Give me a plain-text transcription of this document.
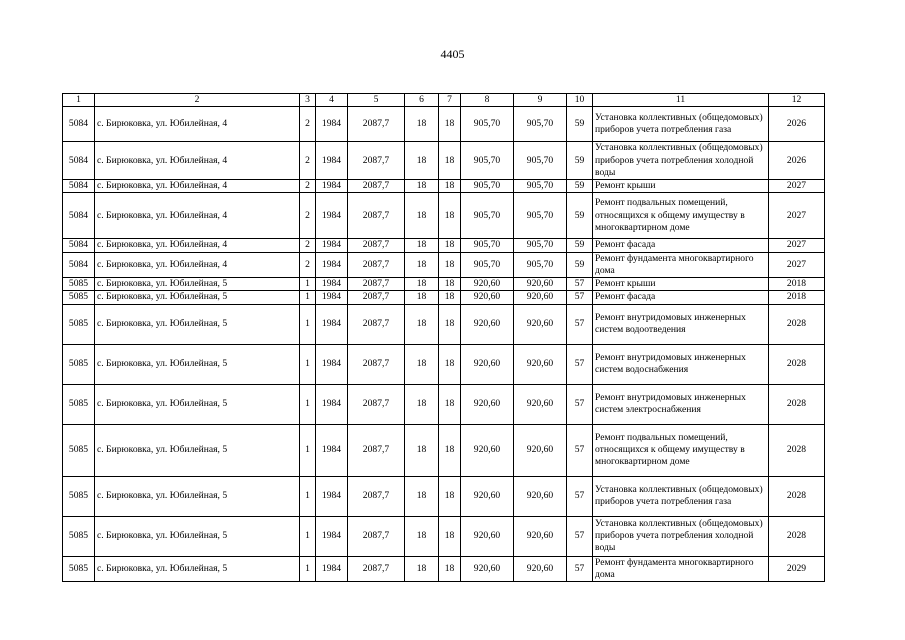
4405
1	2	3	4	5	6	7	8	9	10	11	12
5084	с. Бирюковка, ул. Юбилейная, 4	2	1984	2087,7	18	18	905,70	905,70	59	Установка коллективных (общедомовых) приборов учета потребления газа	2026
5084	с. Бирюковка, ул. Юбилейная, 4	2	1984	2087,7	18	18	905,70	905,70	59	Установка коллективных (общедомовых) приборов учета потребления холодной воды	2026
5084	с. Бирюковка, ул. Юбилейная, 4	2	1984	2087,7	18	18	905,70	905,70	59	Ремонт крыши	2027
5084	с. Бирюковка, ул. Юбилейная, 4	2	1984	2087,7	18	18	905,70	905,70	59	Ремонт подвальных помещений, относящихся к общему имуществу в многоквартирном доме	2027
5084	с. Бирюковка, ул. Юбилейная, 4	2	1984	2087,7	18	18	905,70	905,70	59	Ремонт фасада	2027
5084	с. Бирюковка, ул. Юбилейная, 4	2	1984	2087,7	18	18	905,70	905,70	59	Ремонт фундамента многоквартирного дома	2027
5085	с. Бирюковка, ул. Юбилейная, 5	1	1984	2087,7	18	18	920,60	920,60	57	Ремонт крыши	2018
5085	с. Бирюковка, ул. Юбилейная, 5	1	1984	2087,7	18	18	920,60	920,60	57	Ремонт фасада	2018
5085	с. Бирюковка, ул. Юбилейная, 5	1	1984	2087,7	18	18	920,60	920,60	57	Ремонт внутридомовых инженерных систем водоотведения	2028
5085	с. Бирюковка, ул. Юбилейная, 5	1	1984	2087,7	18	18	920,60	920,60	57	Ремонт внутридомовых инженерных систем водоснабжения	2028
5085	с. Бирюковка, ул. Юбилейная, 5	1	1984	2087,7	18	18	920,60	920,60	57	Ремонт внутридомовых инженерных систем электроснабжения	2028
5085	с. Бирюковка, ул. Юбилейная, 5	1	1984	2087,7	18	18	920,60	920,60	57	Ремонт подвальных помещений, относящихся к общему имуществу в многоквартирном доме	2028
5085	с. Бирюковка, ул. Юбилейная, 5	1	1984	2087,7	18	18	920,60	920,60	57	Установка коллективных (общедомовых) приборов учета потребления газа	2028
5085	с. Бирюковка, ул. Юбилейная, 5	1	1984	2087,7	18	18	920,60	920,60	57	Установка коллективных (общедомовых) приборов учета потребления холодной воды	2028
5085	с. Бирюковка, ул. Юбилейная, 5	1	1984	2087,7	18	18	920,60	920,60	57	Ремонт фундамента многоквартирного дома	2029
